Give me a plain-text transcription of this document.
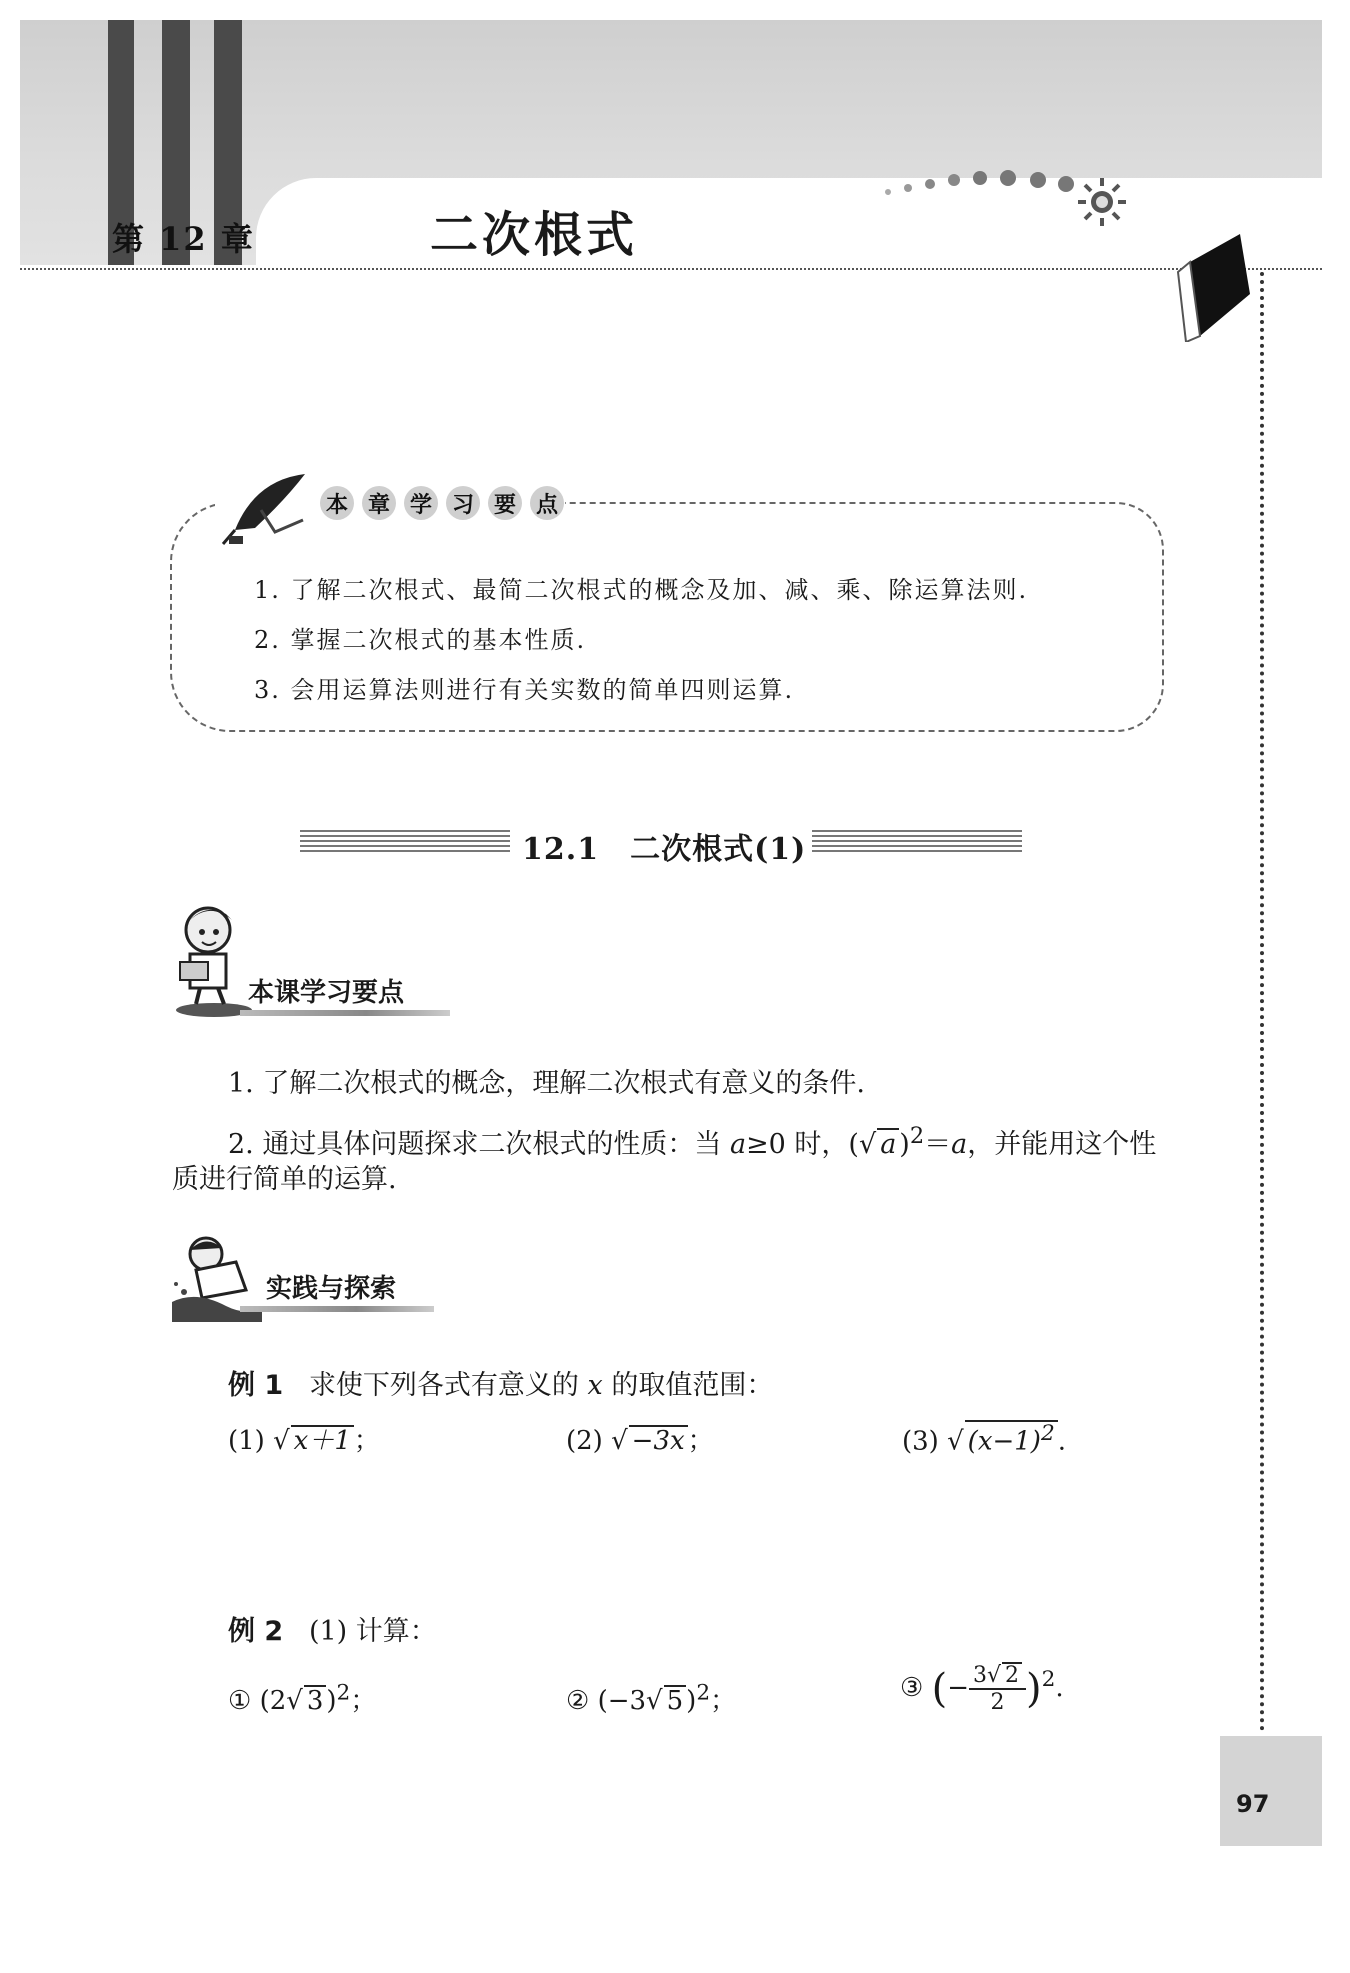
第 12 章	二次根式
本 章 学 习 要 点
1. 了解二次根式、最简二次根式的概念及加、减、乘、除运算法则.
2. 掌握二次根式的基本性质.
3. 会用运算法则进行有关实数的简单四则运算.
12.1　二次根式(1)
本课学习要点
1. 了解二次根式的概念，理解二次根式有意义的条件.
2. 通过具体问题探求二次根式的性质：当 a≥0 时，(√ a )$^2$＝a，并能用这个性
质进行简单的运算.
实践与探索
例 1 求使下列各式有意义的 x 的取值范围：
(1) √ x＋1 ；	(2) √ −3x ；	(3) √ $(x-1)^2$ .
例 2 (1) 计算：
① (2√ 3 )$^2$；	② (−3√ 5 )$^2$；	③ (− $\frac{3√ 2}{2} )^2$.
97
